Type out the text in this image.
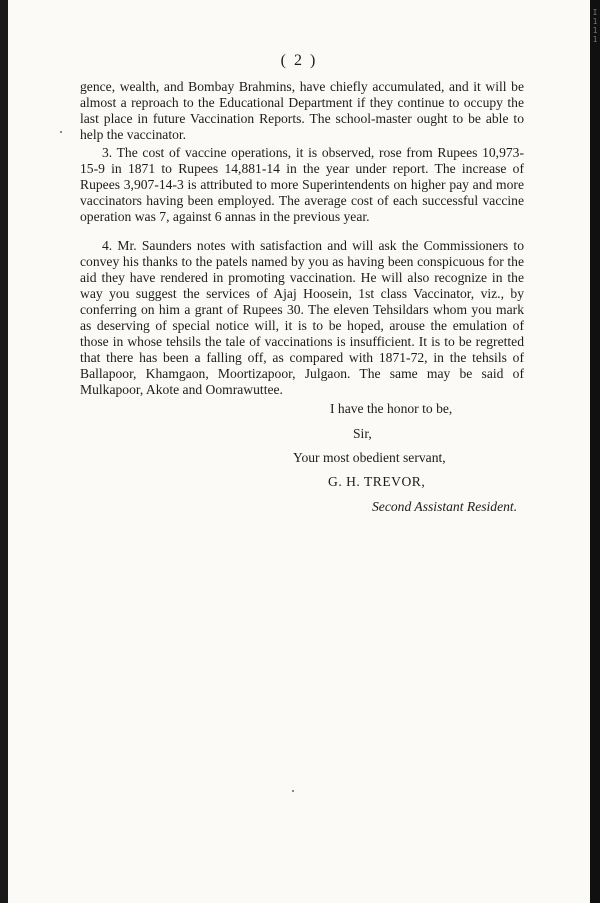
( 2 )

gence, wealth, and Bombay Brahmins, have chiefly accumulated, and it will be almost a reproach to the Educational Department if they continue to occupy the last place in future Vaccination Reports. The school-master ought to be able to help the vaccinator.

3. The cost of vaccine operations, it is observed, rose from Rupees 10,973-15-9 in 1871 to Rupees 14,881-14 in the year under report. The increase of Rupees 3,907-14-3 is attributed to more Superintendents on higher pay and more vaccinators having been employed. The average cost of each successful vaccine operation was 7, against 6 annas in the previous year.

4. Mr. Saunders notes with satisfaction and will ask the Commissioners to convey his thanks to the patels named by you as having been conspicuous for the aid they have rendered in promoting vaccination. He will also recognize in the way you suggest the services of Ajaj Hoosein, 1st class Vaccinator, viz., by conferring on him a grant of Rupees 30. The eleven Tehsildars whom you mark as deserving of special notice will, it is to be hoped, arouse the emulation of those in whose tehsils the tale of vaccinations is insufficient. It is to be regretted that there has been a falling off, as compared with 1871-72, in the tehsils of Ballapoor, Khamgaon, Moortizapoor, Julgaon. The same may be said of Mulkapoor, Akote and Oomrawuttee.

I have the honor to be,
Sir,
Your most obedient servant,
G. H. TREVOR,
Second Assistant Resident.
I 1 1 1
